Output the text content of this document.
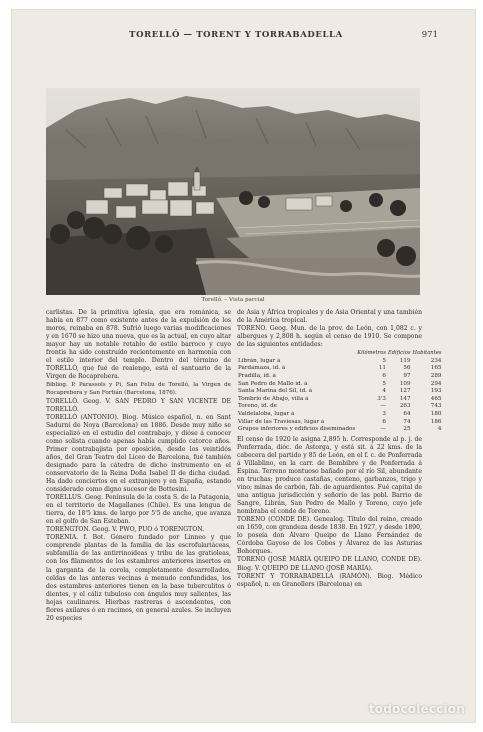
TORELLÓ — TORENT Y TORRABADELLA	971
Torelló. – Vista parcial

carlistas. De la primitiva iglesia, que era románica, se había en 877 como existente antes de la expulsión de los moros, reinaba en 878. Sufrió luego varias modificaciones y en 1670 se hizo una nueva, que es la actual, en cuyo altar mayor hay un notable retablo de estilo barroco y cuyo frontis ha sido construído recientemente en harmonía con el estilo interior del templo. Dentro del término de TORELLÓ, que fué de realengo, está el santuario de la Virgen de Rocaprebera.

Bibliog. P. Parassols y Pi, San Feliu de Torelló, la Virgen de Rocaprebera y San Fortián (Barcelona, 1876).

TORELLÓ. Geog. V. SAN PEDRO Y SAN VICENTE DE TORELLÓ.

TORELLÓ (ANTONIO). Biog. Músico español, n. en Sant Sadurní de Noya (Barcelona) en 1886. Desde muy niño se especializó en el estudio del contrabajo, y dióse á conocer como solista cuando apenas había cumplido catorce años. Primer contrabajista por oposición, desde los veintidós años, del Gran Teatro del Liceo de Barcelona, fué también designado para la cátedra de dicho instrumento en el conservatorio de la Reina Doña Isabel II de dicha ciudad. Ha dado conciertos en el extranjero y en España, estando considerado como digno sucesor de Bottesini.

TORELLUS. Geog. Península de la costa S. de la Patagonia, en el territorio de Magallanes (Chile). Es una lengua de tierra, de 18'5 kms. de largo por 5'5 de ancho, que avanza en el golfo de San Esteban.

TORENGTON. Geog. V. PWO, PUO ó TORENGTON.

TORENIA. f. Bot. Género fundado por Linneo y que comprende plantas de la familia de las escrofulariáceas, subfamilia de las antirrinoideas y tribu de las gratioleas, con los filamentos de los estambres anteriores insertos en la garganta de la corola, completamente desarrollados, celdas de las anteras vecinas á menudo confundidas, los dos estambres anteriores tienen en la base tuberculitos ó dientes, y el cáliz tubuloso con ángulos muy salientes, las hojas caulinares. Hierbas rastreras ó ascendentes, con flores axilares ó en racimos, en general azules. Se incluyen 20 especies

de Asia y África tropicales y de Asia Oriental y una también de la América tropical.

TORENO. Geog. Mun. de la prov. de León, con 1,082 c. y albergues y 2,808 h. según el censo de 1910. Se compone de las siguientes entidades:

	Kilómetros	Edificios	Habitantes
Librán, lugar á	5	119	234
Pardamaza, id. á	11	56	165
Pradilla, id. á	6	97	289
San Pedro de Mallo id. á	5	109	294
Santa Marina del Sil, id. á	4	127	193
Tombrio de Abajo, villa á	3'3	147	465
Toreno, id. de	—	263	743
Valdelaloba, lugar á	3	64	180
Villar de las Traviesas, lugar á	6	74	186
Grupos inferiores y edificios diseminados	—	25	4

El censo de 1920 le asigna 2,895 h. Corresponde al p. j. de Ponferrada, dióc. de Astorga, y está sit. á 22 kms. de la cabecera del partido y 85 de León, en el f. c. de Ponferrada á Villablino, en la carr. de Bembibre y de Ponferrada á Espina. Terreno montuoso bañado por el río Sil, abundante en truchas; produce castañas, centeno, garbanzos, trigo y vino; minas de carbón, fáb. de aguardientes. Fué capital de una antigua jurisdicción y señorío de las pobl. Barrio de Sangre, Librán, San Pedro de Mallo y Toreno, cuyo jefe nombraba el conde de Toreno.

TORENO (CONDE DE). Genealog. Título del reino, creado en 1659, con grandeza desde 1838. En 1927, y desde 1890, lo poseía don Álvaro Queipo de Llano Fernández de Córdoba Gayoso de los Cobos y Álvarez de las Asturias Bohorques.

TORENO (JOSÉ MARÍA QUEIPO DE LLANO, CONDE DE). Biog. V. QUEIPO DE LLANO (JOSÉ MARÍA).

TORENT Y TORRABADELLA (RAMÓN). Biog. Médico español, n. en Granollers (Barcelona) en

todocoleccion
